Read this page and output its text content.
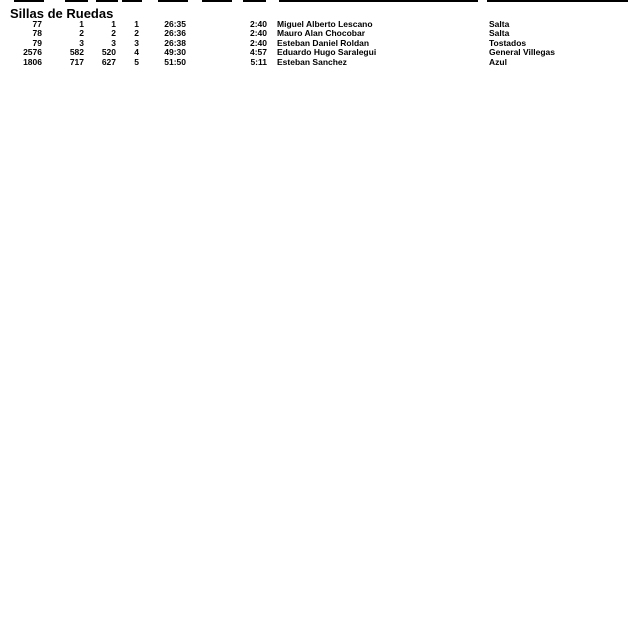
Sillas de Ruedas
77	1	1 1	26:35	2:40 Miguel Alberto Lescano	Salta
78	2	2 2	26:36	2:40 Mauro Alan Chocobar	Salta
79	3	3 3	26:38	2:40 Esteban Daniel Roldan	Tostados
2576	582 520 4	49:30	4:57 Eduardo Hugo Saralegui	General Villegas
1806	717 627 5	51:50	5:11 Esteban Sanchez	Azul
